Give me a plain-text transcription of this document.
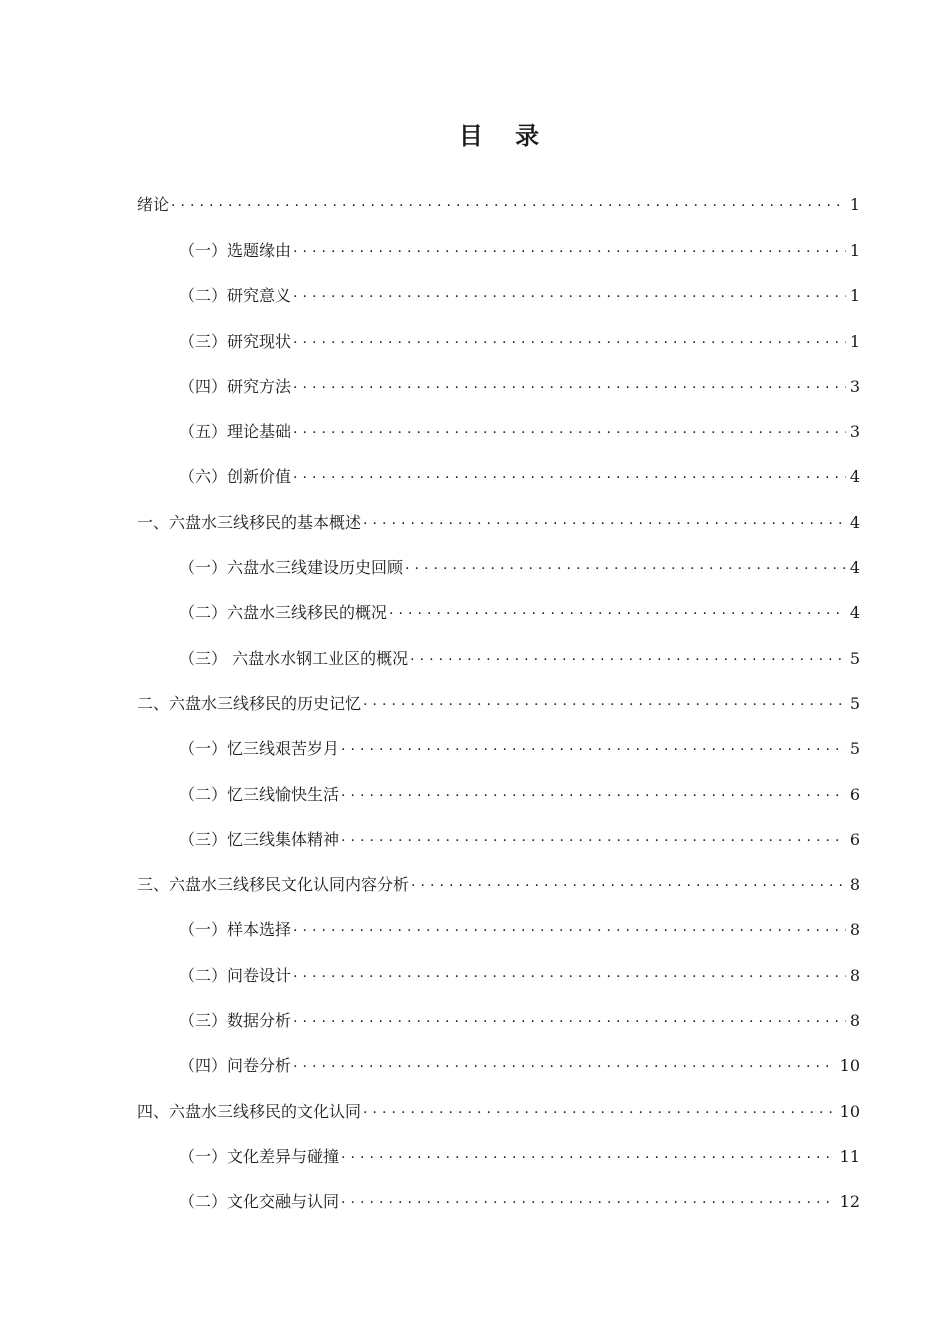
目 录
绪论 . . .	1
（一）选题缘由 . . .	1
（二）研究意义 . . .	1
（三）研究现状 . . .	1
（四）研究方法 . . .	3
（五）理论基础 . . .	3
（六）创新价值 . . .	4
一、六盘水三线移民的基本概述 . . .	4
（一）六盘水三线建设历史回顾 . . .	4
（二）六盘水三线移民的概况 . . .	4
（三） 六盘水水钢工业区的概况 . . .	5
二、六盘水三线移民的历史记忆 . . .	5
（一）忆三线艰苦岁月 . . .	5
（二）忆三线愉快生活 . . .	6
（三）忆三线集体精神 . . .	6
三、六盘水三线移民文化认同内容分析 . . .	8
（一）样本选择 . . .	8
（二）问卷设计 . . .	8
（三）数据分析 . . .	8
（四）问卷分析 . . .	10
四、六盘水三线移民的文化认同 . . .	10
（一）文化差异与碰撞 . . .	11
（二）文化交融与认同 . . .	12
